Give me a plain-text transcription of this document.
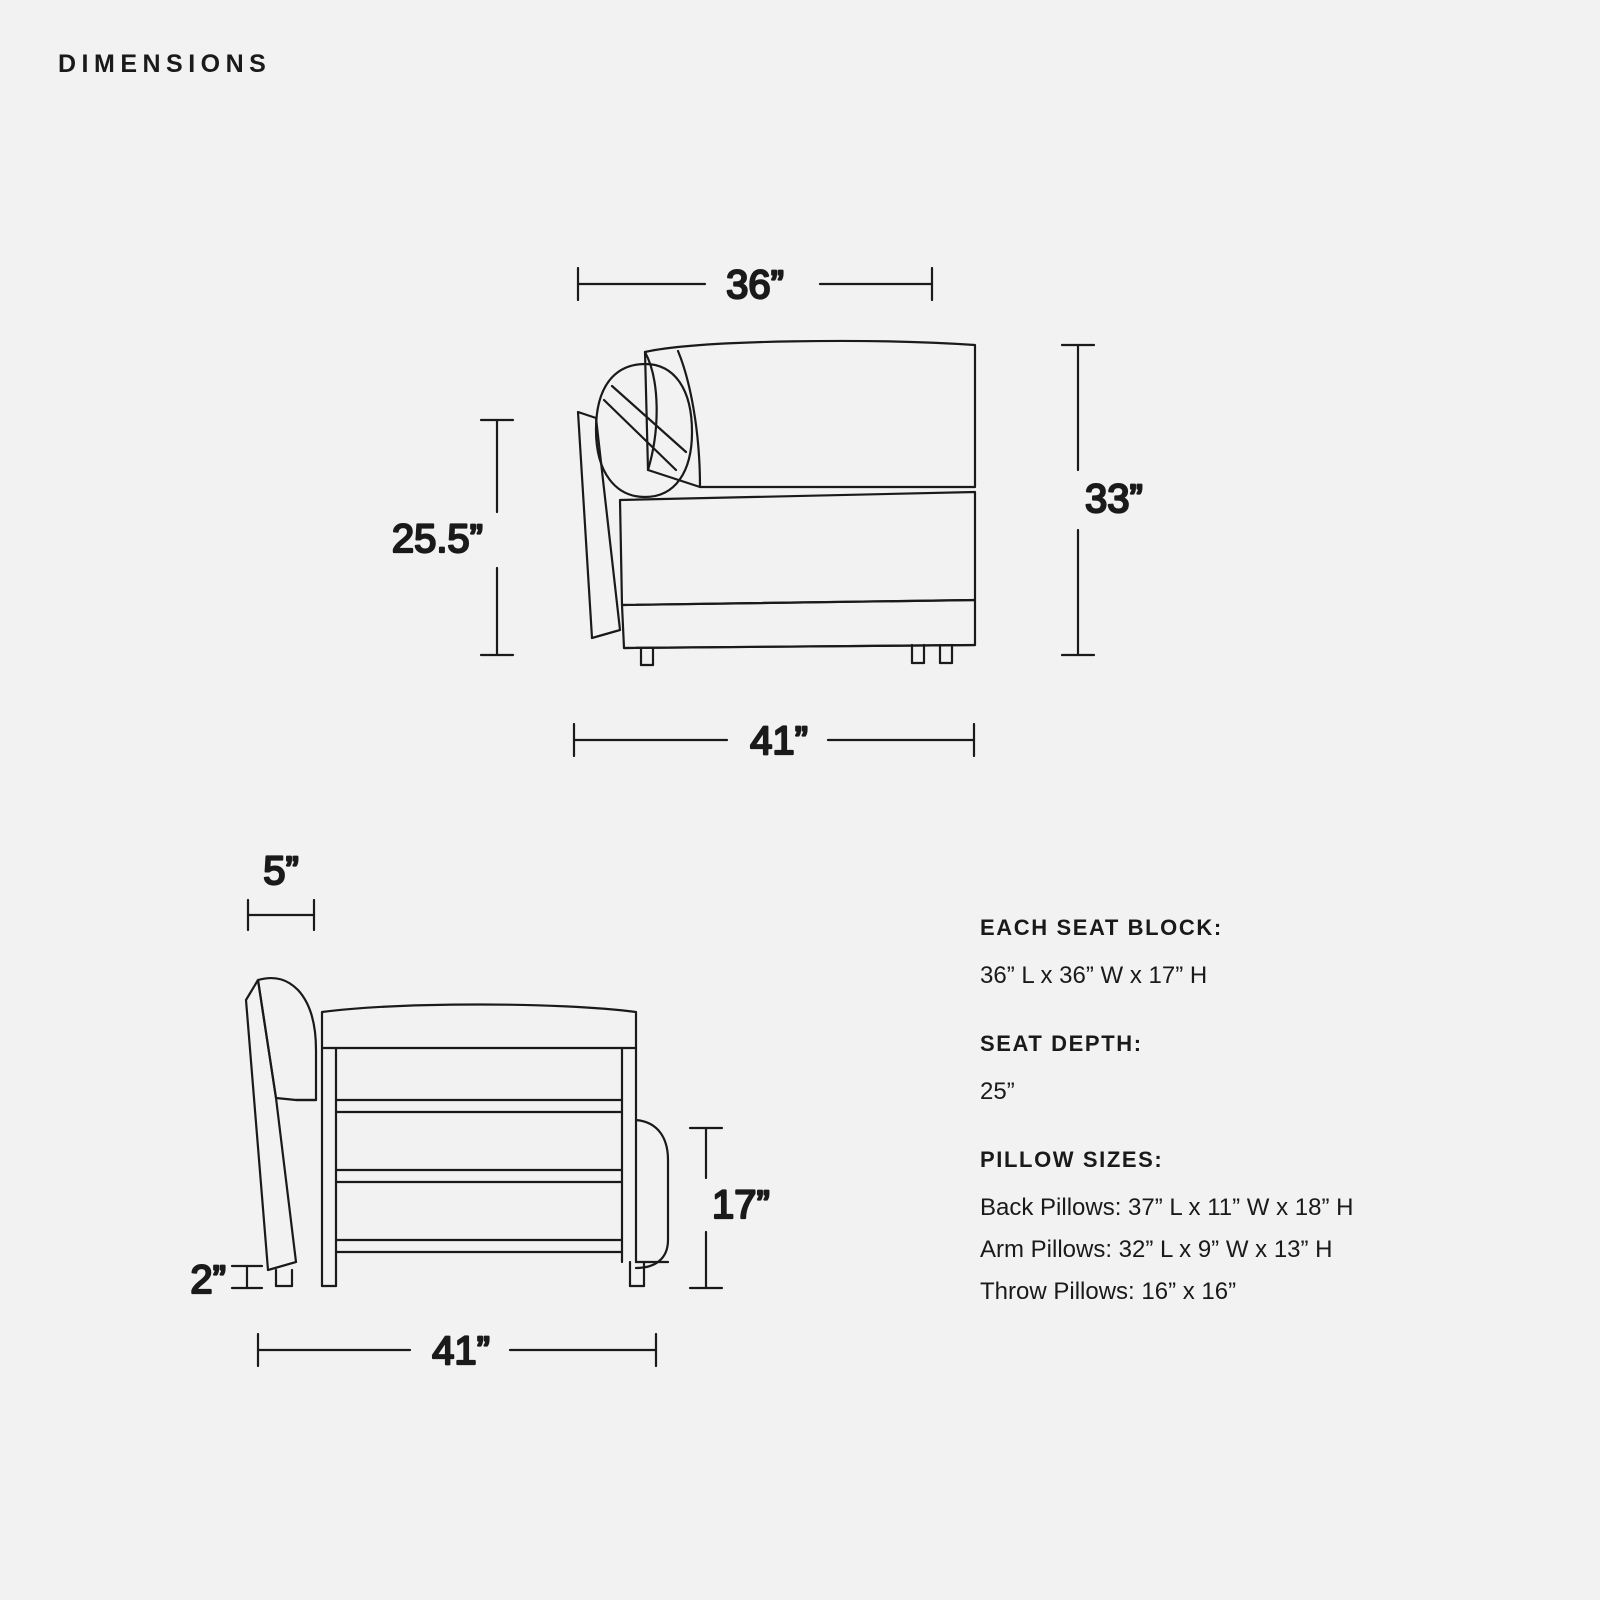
DIMENSIONS
36”
33”
25.5”
41”
5”
2”
17”
41”
EACH SEAT BLOCK:
36” L x 36” W x 17” H
SEAT DEPTH:
25”
PILLOW SIZES:
Back Pillows: 37” L x 11” W x 18” H
Arm Pillows: 32” L x 9” W x 13” H
Throw Pillows: 16” x 16”
